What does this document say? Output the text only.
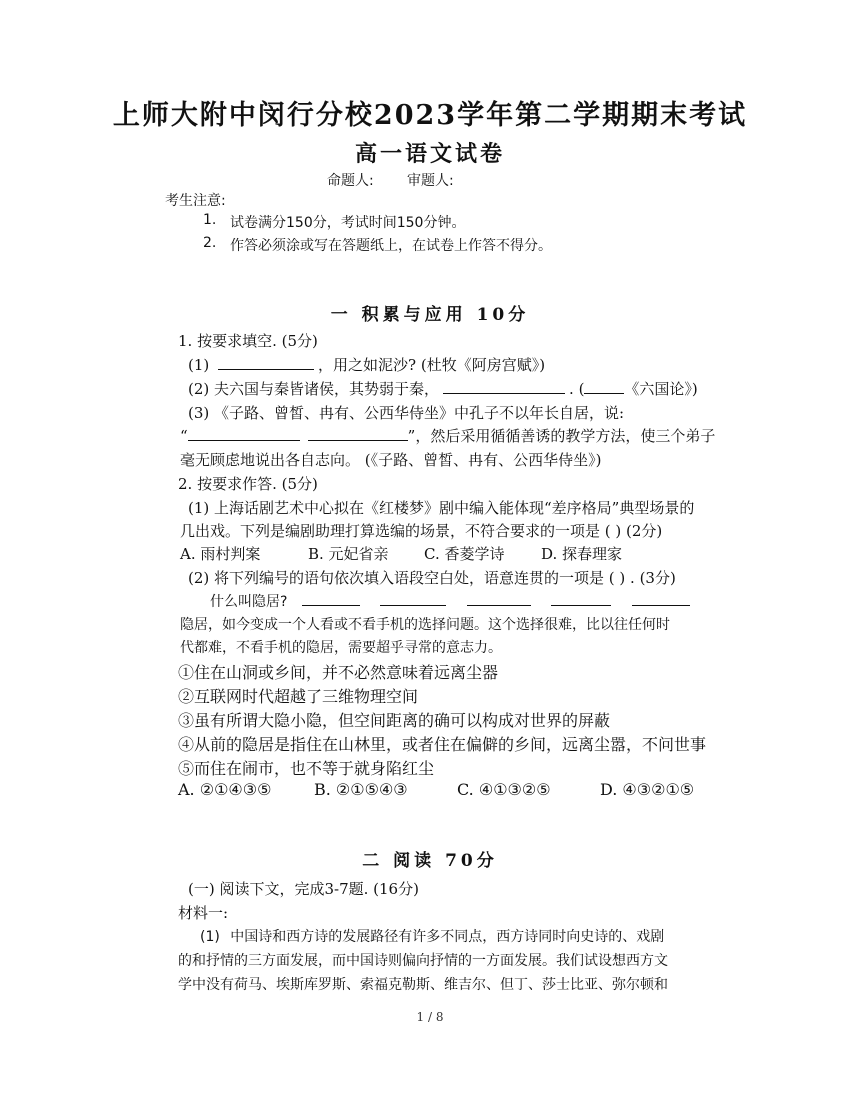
上师大附中闵行分校2023学年第二学期期末考试
高一语文试卷
命题人: 审题人:
考生注意:
1. 试卷满分150分，考试时间150分钟。
2. 作答必须涂或写在答题纸上，在试卷上作答不得分。
一 积累与应用 10分
1. 按要求填空. (5分)
(1)	，用之如泥沙? (杜牧《阿房宫赋》)
(2) 夫六国与秦皆诸侯，其势弱于秦，	. (	《六国论》)
(3) 《子路、曾皙、冉有、公西华侍坐》中孔子不以年长自居，说:
“	”，然后采用循循善诱的教学方法，使三个弟子
毫无顾虑地说出各自志向。 (《子路、曾皙、冉有、公西华侍坐》)
2. 按要求作答. (5分)
(1) 上海话剧艺术中心拟在《红楼梦》剧中编入能体现“差序格局”典型场景的
几出戏。下列是编剧助理打算选编的场景，不符合要求的一项是 ( ) (2分)
A. 雨村判案	B. 元妃省亲 C. 香菱学诗 D. 探春理家
(2) 将下列编号的语句依次填入语段空白处，语意连贯的一项是 ( ) . (3分)
什么叫隐居?
隐居，如今变成一个人看或不看手机的选择问题。这个选择很难，比以往任何时
代都难，不看手机的隐居，需要超乎寻常的意志力。
①住在山洞或乡间，并不必然意味着远离尘器
②互联网时代超越了三维物理空间
③虽有所谓大隐小隐，但空间距离的确可以构成对世界的屏蔽
④从前的隐居是指住在山林里，或者住在偏僻的乡间，远离尘嚣，不问世事
⑤而住在闹市，也不等于就身陷红尘
A. ②①④③⑤	B. ②①⑤④③	C. ④①③②⑤	D. ④③②①⑤
二 阅读 70分
(一) 阅读下文，完成3-7题. (16分)
材料一:
(1) 中国诗和西方诗的发展路径有许多不同点，西方诗同时向史诗的、戏剧
的和抒情的三方面发展，而中国诗则偏向抒情的一方面发展。我们试设想西方文
学中没有荷马、埃斯库罗斯、索福克勒斯、维吉尔、但丁、莎士比亚、弥尔顿和
1 / 8
